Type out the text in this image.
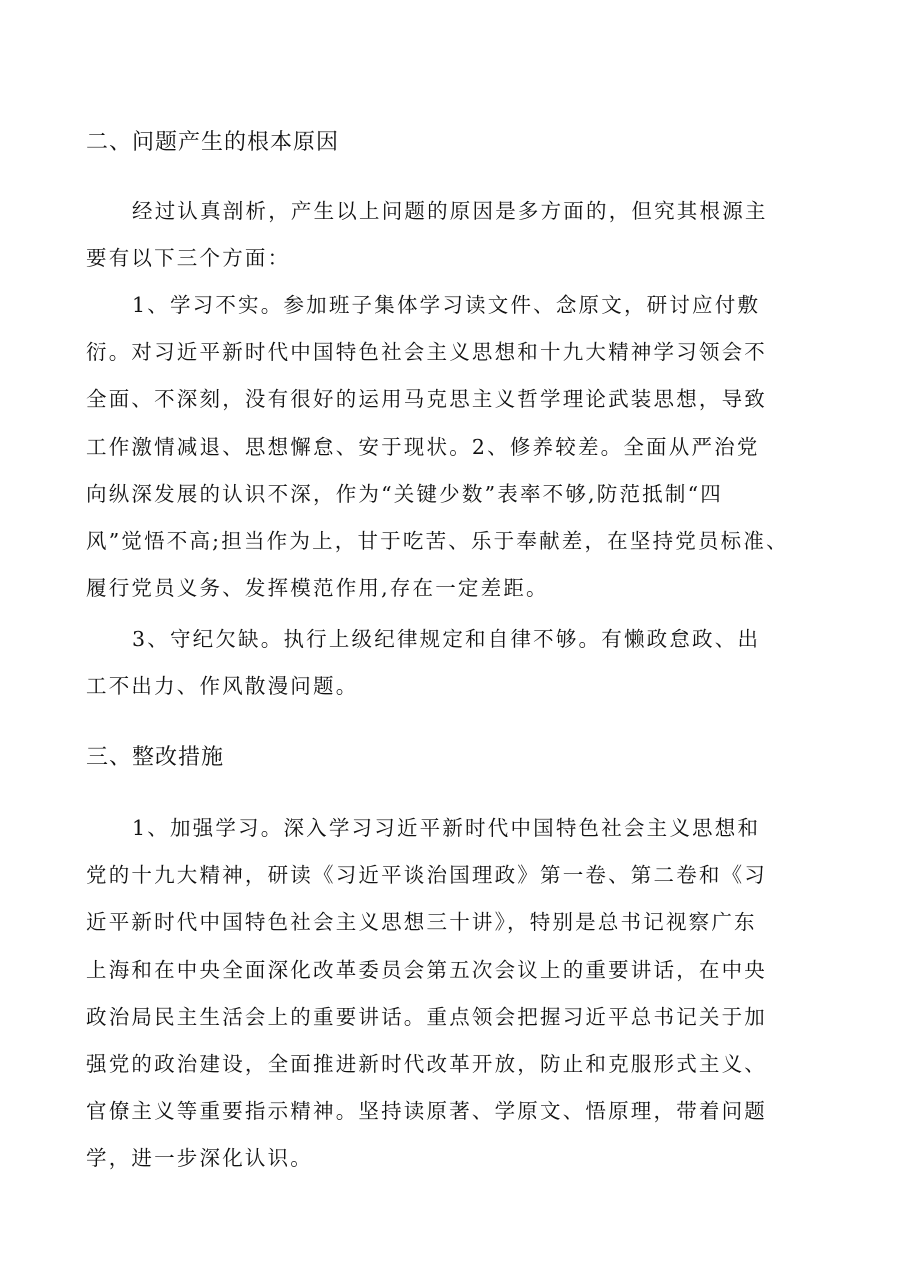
二、问题产生的根本原因
经过认真剖析，产生以上问题的原因是多方面的，但究其根源主
要有以下三个方面：
1、学习不实。参加班子集体学习读文件、念原文，研讨应付敷
衍。对习近平新时代中国特色社会主义思想和十九大精神学习领会不
全面、不深刻，没有很好的运用马克思主义哲学理论武装思想，导致
工作激情减退、思想懈怠、安于现状。2、修养较差。全面从严治党
向纵深发展的认识不深，作为“关键少数”表率不够,防范抵制“四
风”觉悟不高;担当作为上，甘于吃苦、乐于奉献差，在坚持党员标准、
履行党员义务、发挥模范作用,存在一定差距。
3、守纪欠缺。执行上级纪律规定和自律不够。有懒政怠政、出
工不出力、作风散漫问题。
三、整改措施
1、加强学习。深入学习习近平新时代中国特色社会主义思想和
党的十九大精神，研读《习近平谈治国理政》第一卷、第二卷和《习
近平新时代中国特色社会主义思想三十讲》，特别是总书记视察广东
上海和在中央全面深化改革委员会第五次会议上的重要讲话，在中央
政治局民主生活会上的重要讲话。重点领会把握习近平总书记关于加
强党的政治建设，全面推进新时代改革开放，防止和克服形式主义、
官僚主义等重要指示精神。坚持读原著、学原文、悟原理，带着问题
学，进一步深化认识。
